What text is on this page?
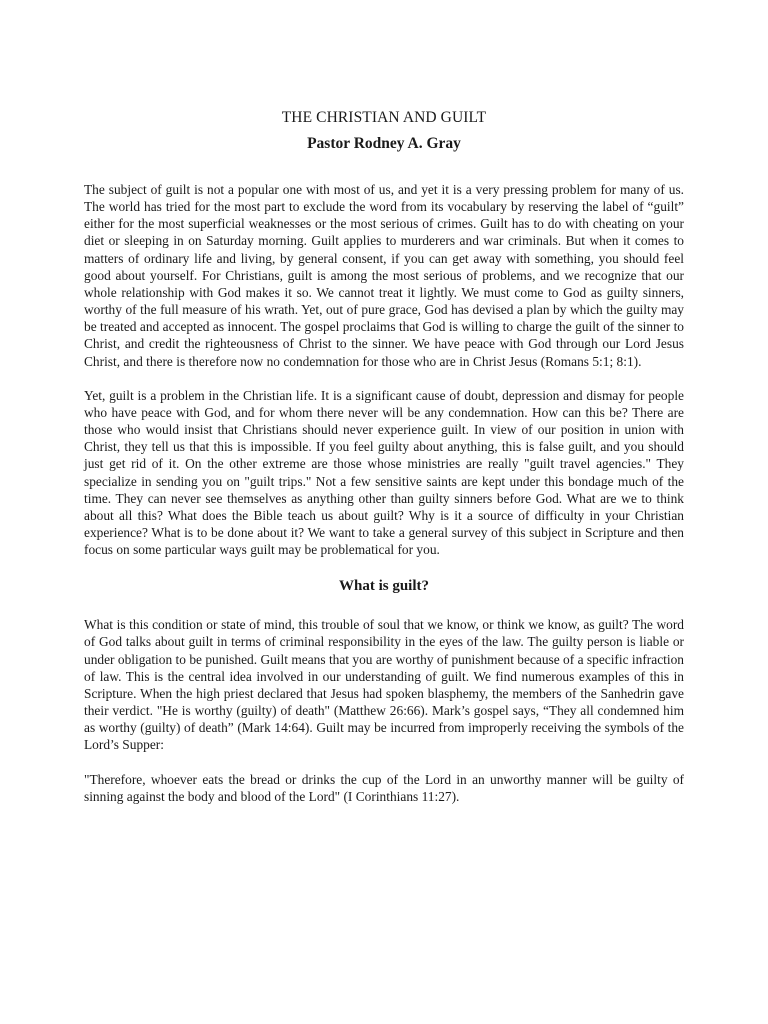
THE CHRISTIAN AND GUILT

Pastor Rodney A. Gray

The subject of guilt is not a popular one with most of us, and yet it is a very pressing problem for many of us. The world has tried for the most part to exclude the word from its vocabulary by reserving the label of “guilt” either for the most superficial weaknesses or the most serious of crimes. Guilt has to do with cheating on your diet or sleeping in on Saturday morning. Guilt applies to murderers and war criminals. But when it comes to matters of ordinary life and living, by general consent, if you can get away with something, you should feel good about yourself. For Christians, guilt is among the most serious of problems, and we recognize that our whole relationship with God makes it so. We cannot treat it lightly. We must come to God as guilty sinners, worthy of the full measure of his wrath. Yet, out of pure grace, God has devised a plan by which the guilty may be treated and accepted as innocent. The gospel proclaims that God is willing to charge the guilt of the sinner to Christ, and credit the righteousness of Christ to the sinner. We have peace with God through our Lord Jesus Christ, and there is therefore now no condemnation for those who are in Christ Jesus (Romans 5:1; 8:1).

Yet, guilt is a problem in the Christian life. It is a significant cause of doubt, depression and dismay for people who have peace with God, and for whom there never will be any condemnation. How can this be? There are those who would insist that Christians should never experience guilt. In view of our position in union with Christ, they tell us that this is impossible. If you feel guilty about anything, this is false guilt, and you should just get rid of it. On the other extreme are those whose ministries are really "guilt travel agencies." They specialize in sending you on "guilt trips." Not a few sensitive saints are kept under this bondage much of the time. They can never see themselves as anything other than guilty sinners before God. What are we to think about all this? What does the Bible teach us about guilt? Why is it a source of difficulty in your Christian experience? What is to be done about it? We want to take a general survey of this subject in Scripture and then focus on some particular ways guilt may be problematical for you.

What is guilt?

What is this condition or state of mind, this trouble of soul that we know, or think we know, as guilt? The word of God talks about guilt in terms of criminal responsibility in the eyes of the law. The guilty person is liable or under obligation to be punished. Guilt means that you are worthy of punishment because of a specific infraction of law. This is the central idea involved in our understanding of guilt. We find numerous examples of this in Scripture. When the high priest declared that Jesus had spoken blasphemy, the members of the Sanhedrin gave their verdict. "He is worthy (guilty) of death" (Matthew 26:66). Mark’s gospel says, “They all condemned him as worthy (guilty) of death” (Mark 14:64). Guilt may be incurred from improperly receiving the symbols of the Lord’s Supper:

"Therefore, whoever eats the bread or drinks the cup of the Lord in an unworthy manner will be guilty of sinning against the body and blood of the Lord" (I Corinthians 11:27).
